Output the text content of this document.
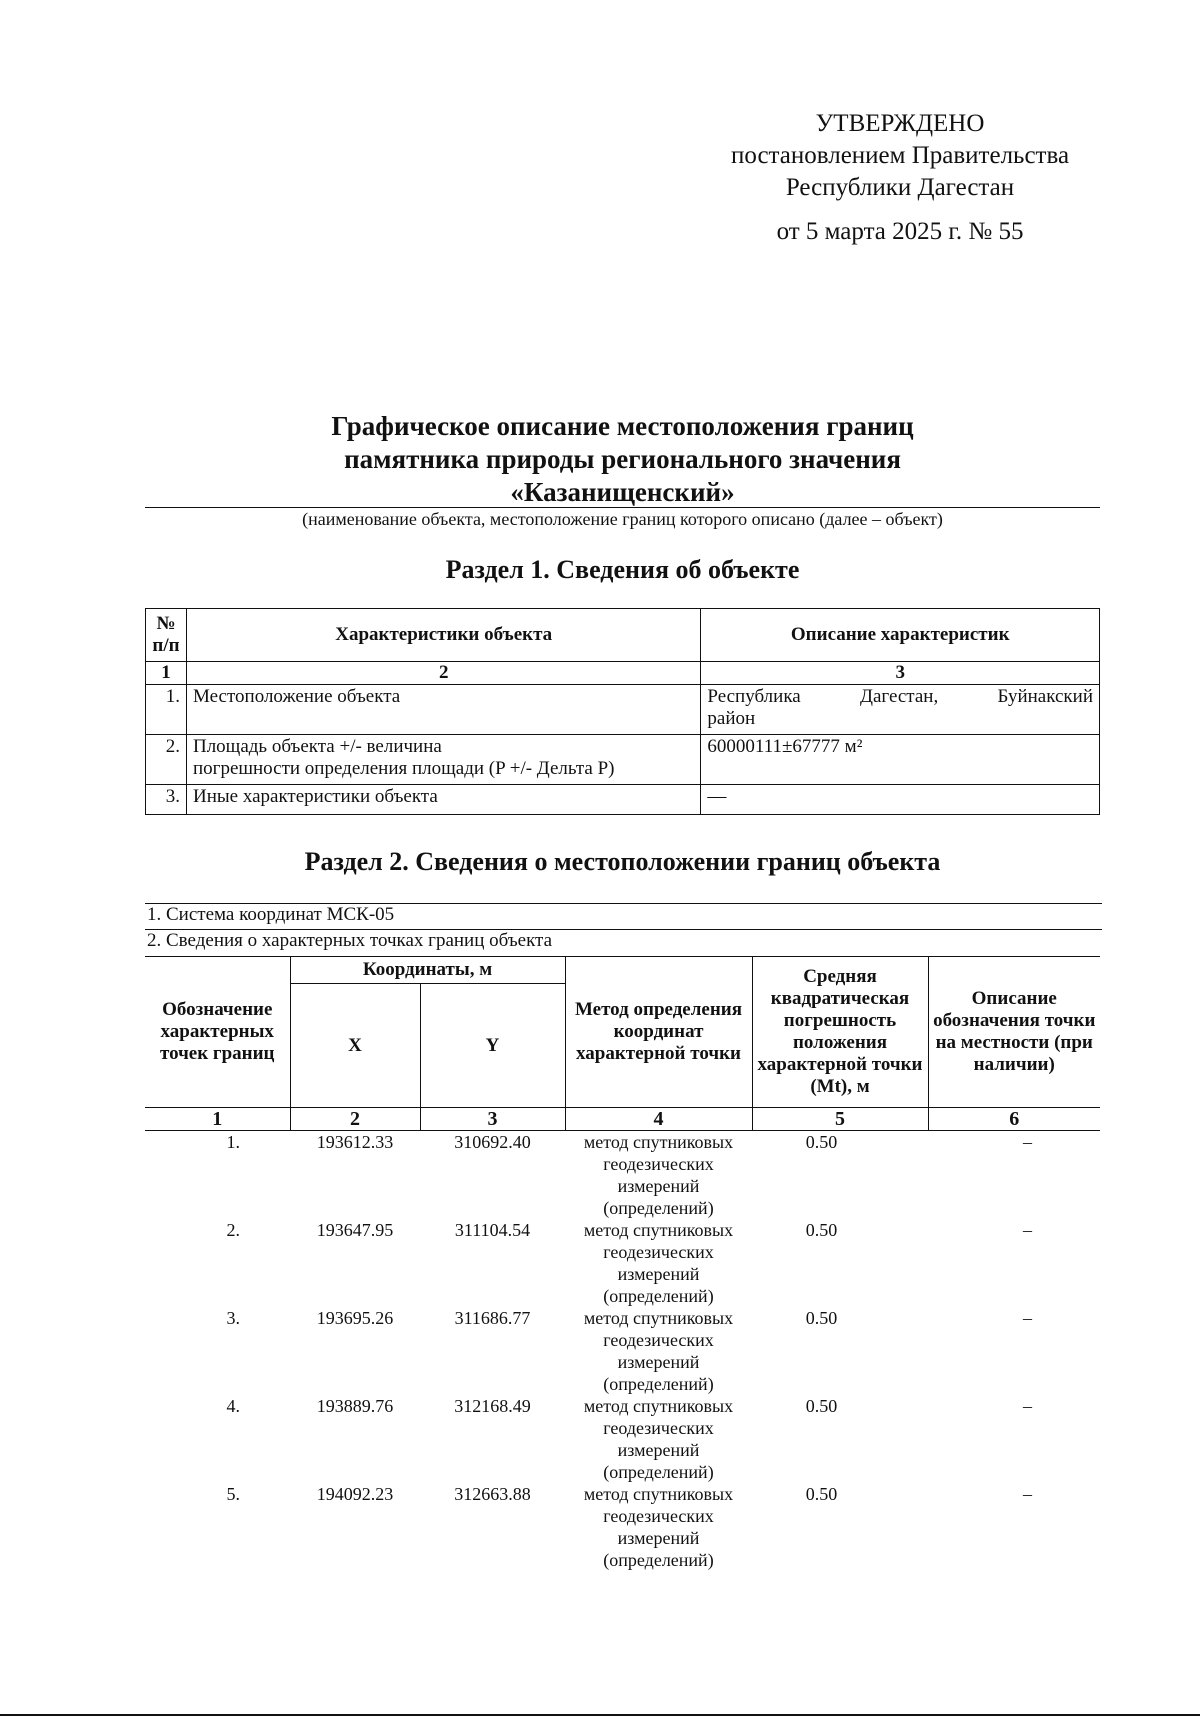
УТВЕРЖДЕНО
постановлением Правительства
Республики Дагестан
от 5 марта 2025 г. № 55
Графическое описание местоположения границ
памятника природы регионального значения
«Казанищенский»
(наименование объекта, местоположение границ которого описано (далее – объект)
Раздел 1. Сведения об объекте
№ п/п	Характеристики объекта	Описание характеристик
1	2	3
1.	Местоположение объекта	Республика Дагестан, Буйнакский
район

2.	Площадь объекта +/- величина
погрешности определения площади (P +/- Дельта P)	60000111±67777 м²
3.	Иные характеристики объекта	—
Раздел 2. Сведения о местоположении границ объекта
1. Система координат МСК-05
2. Сведения о характерных точках границ объекта
Обозначение характерных точек границ	Координаты, м		Метод определения координат характерной точки	Средняя квадратическая погрешность положения характерной точки (Mt), м	Описание обозначения точки на местности (при наличии)
	X	Y			
1	2	3	4	5	6
1.	193612.33	310692.40	метод спутниковых
геодезических
измерений
(определений)	0.50	–
2.	193647.95	311104.54	метод спутниковых
геодезических
измерений
(определений)	0.50	–
3.	193695.26	311686.77	метод спутниковых
геодезических
измерений
(определений)	0.50	–
4.	193889.76	312168.49	метод спутниковых
геодезических
измерений
(определений)	0.50	–
5.	194092.23	312663.88	метод спутниковых
геодезических
измерений
(определений)	0.50	–
